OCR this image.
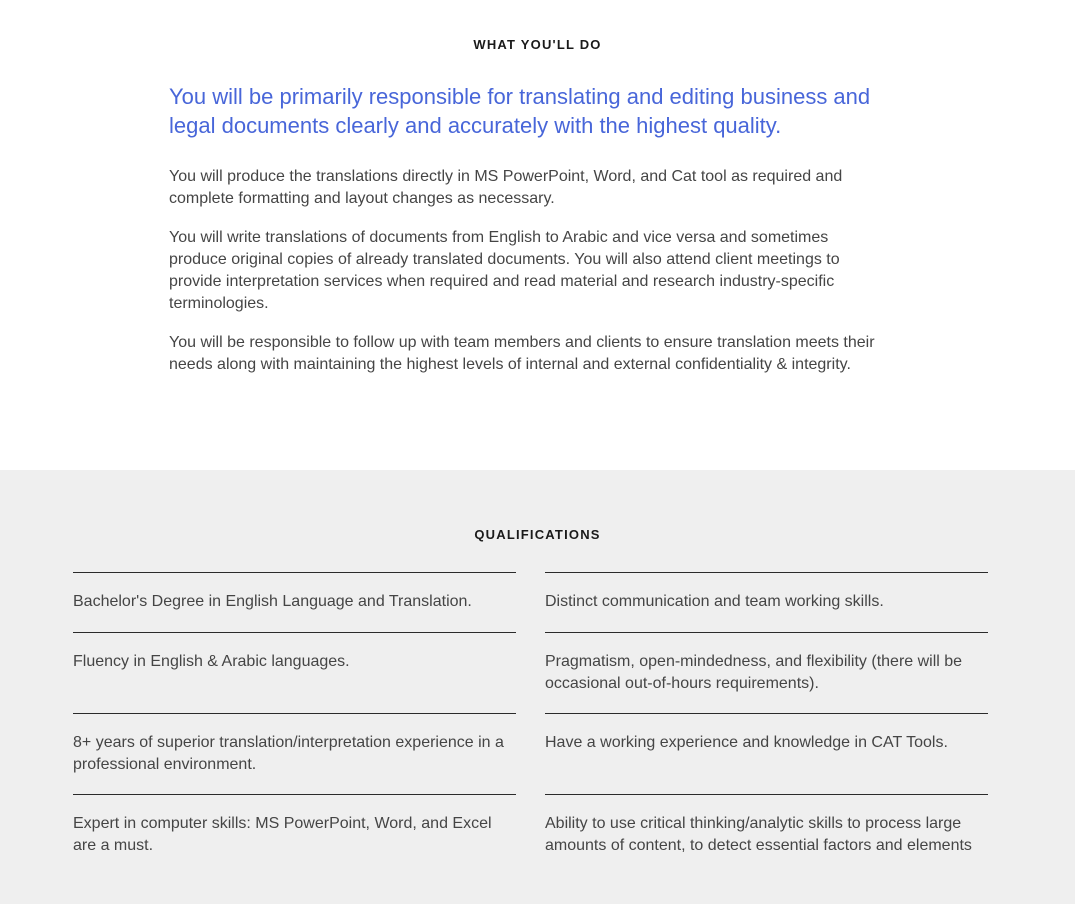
WHAT YOU'LL DO

You will be primarily responsible for translating and editing business and legal documents clearly and accurately with the highest quality.

You will produce the translations directly in MS PowerPoint, Word, and Cat tool as required and complete formatting and layout changes as necessary.

You will write translations of documents from English to Arabic and vice versa and sometimes produce original copies of already translated documents. You will also attend client meetings to provide interpretation services when required and read material and research industry-specific terminologies.

You will be responsible to follow up with team members and clients to ensure translation meets their needs along with maintaining the highest levels of internal and external confidentiality & integrity.

QUALIFICATIONS
Bachelor's Degree in English Language and Translation.	Distinct communication and team working skills.
Fluency in English & Arabic languages.	Pragmatism, open-mindedness, and flexibility (there will be occasional out-of-hours requirements).
8+ years of superior translation/interpretation experience in a professional environment.
Have a working experience and knowledge in CAT Tools.
Expert in computer skills: MS PowerPoint, Word, and Excel are a must.
Ability to use critical thinking/analytic skills to process large amounts of content, to detect essential factors and elements
